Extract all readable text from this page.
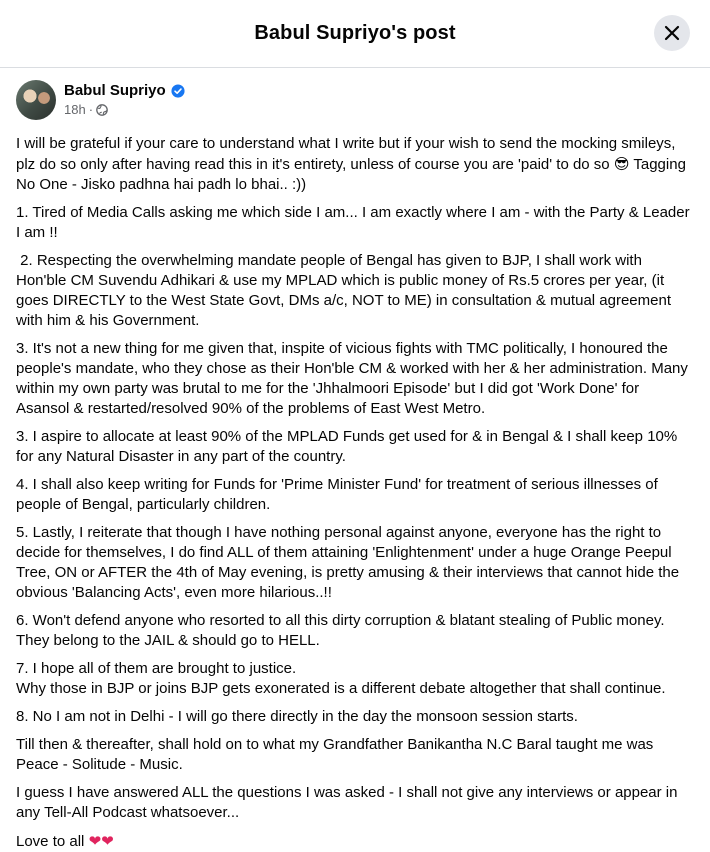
Babul Supriyo's post
Babul Supriyo
18h ·

I will be grateful if your care to understand what I write but if your wish to send the mocking smileys, plz do so only after having read this in it's entirety, unless of course you are 'paid' to do so 😎 Tagging No One - Jisko padhna hai padh lo bhai.. :))

1. Tired of Media Calls asking me which side I am... I am exactly where I am - with the Party & Leader I am !!

2. Respecting the overwhelming mandate people of Bengal has given to BJP, I shall work with Hon'ble CM Suvendu Adhikari & use my MPLAD which is public money of Rs.5 crores per year, (it goes DIRECTLY to the West State Govt, DMs a/c, NOT to ME) in consultation & mutual agreement with him & his Government.

3. It's not a new thing for me given that, inspite of vicious fights with TMC politically, I honoured the people's mandate, who they chose as their Hon'ble CM & worked with her & her administration. Many within my own party was brutal to me for the 'Jhhalmoori Episode' but I did got 'Work Done' for Asansol & restarted/resolved 90% of the problems of East West Metro.

3. I aspire to allocate at least 90% of the MPLAD Funds get used for & in Bengal & I shall keep 10% for any Natural Disaster in any part of the country.

4. I shall also keep writing for Funds for 'Prime Minister Fund' for treatment of serious illnesses of people of Bengal, particularly children.

5. Lastly, I reiterate that though I have nothing personal against anyone, everyone has the right to decide for themselves, I do find ALL of them attaining 'Enlightenment' under a huge Orange Peepul Tree, ON or AFTER the 4th of May evening, is pretty amusing & their interviews that cannot hide the obvious 'Balancing Acts', even more hilarious..!!

6. Won't defend anyone who resorted to all this dirty corruption & blatant stealing of Public money. They belong to the JAIL & should go to HELL.

7. I hope all of them are brought to justice.
Why those in BJP or joins BJP gets exonerated is a different debate altogether that shall continue.

8. No I am not in Delhi - I will go there directly in the day the monsoon session starts.

Till then & thereafter, shall hold on to what my Grandfather Banikantha N.C Baral taught me was Peace - Solitude - Music.

I guess I have answered ALL the questions I was asked - I shall not give any interviews or appear in any Tell-All Podcast whatsoever...

Love to all ❤❤
